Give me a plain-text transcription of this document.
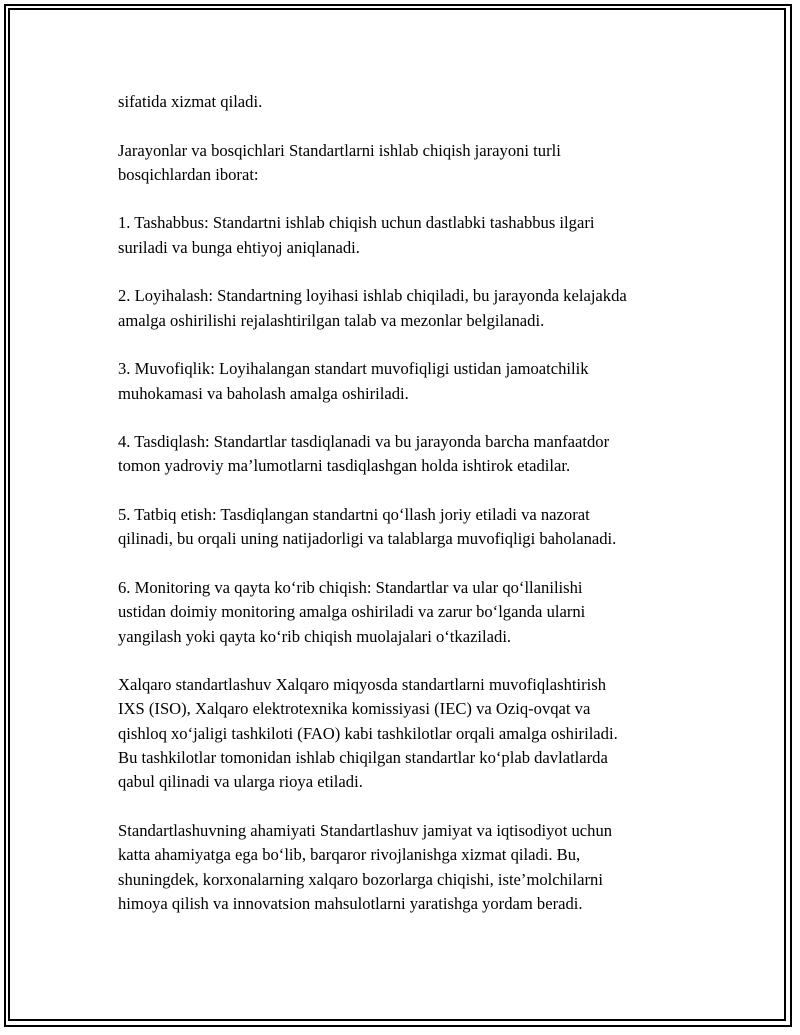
sifatida xizmat qiladi.

Jarayonlar va bosqichlari Standartlarni ishlab chiqish jarayoni turli
bosqichlardan iborat:

1. Tashabbus: Standartni ishlab chiqish uchun dastlabki tashabbus ilgari
suriladi va bunga ehtiyoj aniqlanadi.

2. Loyihalash: Standartning loyihasi ishlab chiqiladi, bu jarayonda kelajakda
amalga oshirilishi rejalashtirilgan talab va mezonlar belgilanadi.

3. Muvofiqlik: Loyihalangan standart muvofiqligi ustidan jamoatchilik
muhokamasi va baholash amalga oshiriladi.

4. Tasdiqlash: Standartlar tasdiqlanadi va bu jarayonda barcha manfaatdor
tomon yadroviy ma’lumotlarni tasdiqlashgan holda ishtirok etadilar.

5. Tatbiq etish: Tasdiqlangan standartni qo‘llash joriy etiladi va nazorat
qilinadi, bu orqali uning natijadorligi va talablarga muvofiqligi baholanadi.

6. Monitoring va qayta ko‘rib chiqish: Standartlar va ular qo‘llanilishi
ustidan doimiy monitoring amalga oshiriladi va zarur bo‘lganda ularni
yangilash yoki qayta ko‘rib chiqish muolajalari o‘tkaziladi.

Xalqaro standartlashuv Xalqaro miqyosda standartlarni muvofiqlashtirish
IXS (ISO), Xalqaro elektrotexnika komissiyasi (IEC) va Oziq-ovqat va
qishloq xo‘jaligi tashkiloti (FAO) kabi tashkilotlar orqali amalga oshiriladi.
Bu tashkilotlar tomonidan ishlab chiqilgan standartlar ko‘plab davlatlarda
qabul qilinadi va ularga rioya etiladi.

Standartlashuvning ahamiyati Standartlashuv jamiyat va iqtisodiyot uchun
katta ahamiyatga ega bo‘lib, barqaror rivojlanishga xizmat qiladi. Bu,
shuningdek, korxonalarning xalqaro bozorlarga chiqishi, iste’molchilarni
himoya qilish va innovatsion mahsulotlarni yaratishga yordam beradi.
